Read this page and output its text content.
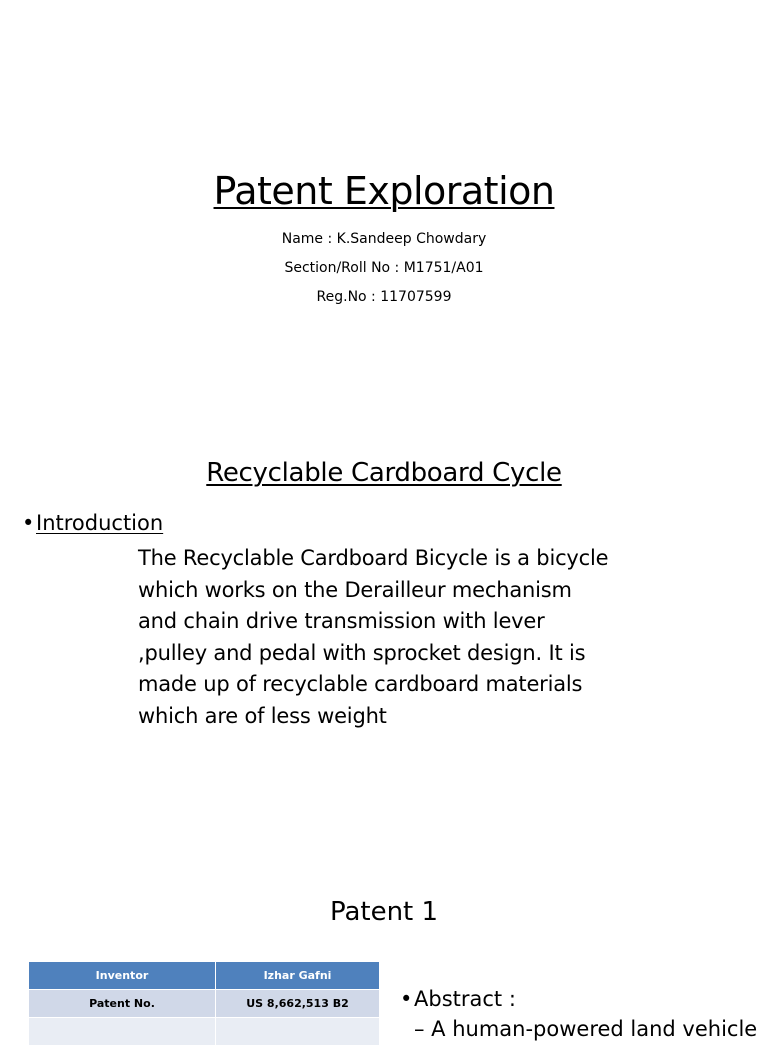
Patent Exploration
Name : K.Sandeep Chowdary
Section/Roll No : M1751/A01
Reg.No : 11707599
Recyclable Cardboard Cycle
•Introduction
The Recyclable Cardboard Bicycle is a bicycle
which works on the Derailleur mechanism
and chain drive transmission with lever
,pulley and pedal with sprocket design. It is
made up of recyclable cardboard materials
which are of less weight
Patent 1
Inventor	Izhar Gafni
Patent No.	US 8,662,513 B2
	•Abstract :
– A human-powered land vehicle
